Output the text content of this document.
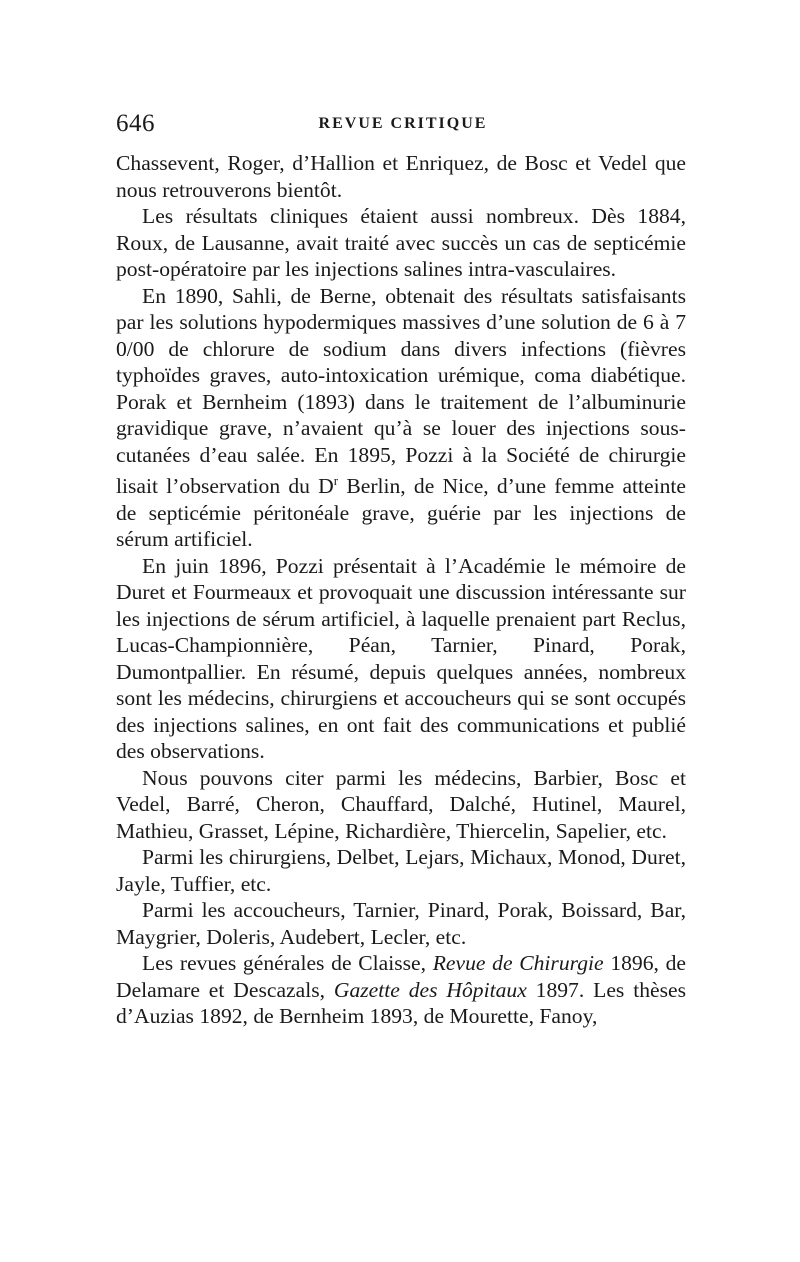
646	REVUE CRITIQUE

Chassevent, Roger, d’Hallion et Enriquez, de Bosc et Vedel que nous retrouverons bientôt.

Les résultats cliniques étaient aussi nombreux. Dès 1884, Roux, de Lausanne, avait traité avec succès un cas de septicémie post-opératoire par les injections salines intra-vasculaires.

En 1890, Sahli, de Berne, obtenait des résultats satisfaisants par les solutions hypodermiques massives d’une solution de 6 à 7 0/00 de chlorure de sodium dans divers infections (fièvres typhoïdes graves, auto-intoxication urémique, coma diabétique. Porak et Bernheim (1893) dans le traitement de l’albuminurie gravidique grave, n’avaient qu’à se louer des injections sous-cutanées d’eau salée. En 1895, Pozzi à la Société de chirurgie lisait l’observation du $D^r$ Berlin, de Nice, d’une femme atteinte de septicémie péritonéale grave, guérie par les injections de sérum artificiel.

En juin 1896, Pozzi présentait à l’Académie le mémoire de Duret et Fourmeaux et provoquait une discussion intéressante sur les injections de sérum artificiel, à laquelle prenaient part Reclus, Lucas-Championnière, Péan, Tarnier, Pinard, Porak, Dumontpallier. En résumé, depuis quelques années, nombreux sont les médecins, chirurgiens et accoucheurs qui se sont occupés des injections salines, en ont fait des communications et publié des observations.

Nous pouvons citer parmi les médecins, Barbier, Bosc et Vedel, Barré, Cheron, Chauffard, Dalché, Hutinel, Maurel, Mathieu, Grasset, Lépine, Richardière, Thiercelin, Sapelier, etc.

Parmi les chirurgiens, Delbet, Lejars, Michaux, Monod, Duret, Jayle, Tuffier, etc.

Parmi les accoucheurs, Tarnier, Pinard, Porak, Boissard, Bar, Maygrier, Doleris, Audebert, Lecler, etc.

Les revues générales de Claisse, Revue de Chirurgie 1896, de Delamare et Descazals, Gazette des Hôpitaux 1897. Les thèses d’Auzias 1892, de Bernheim 1893, de Mourette, Fanoy,
